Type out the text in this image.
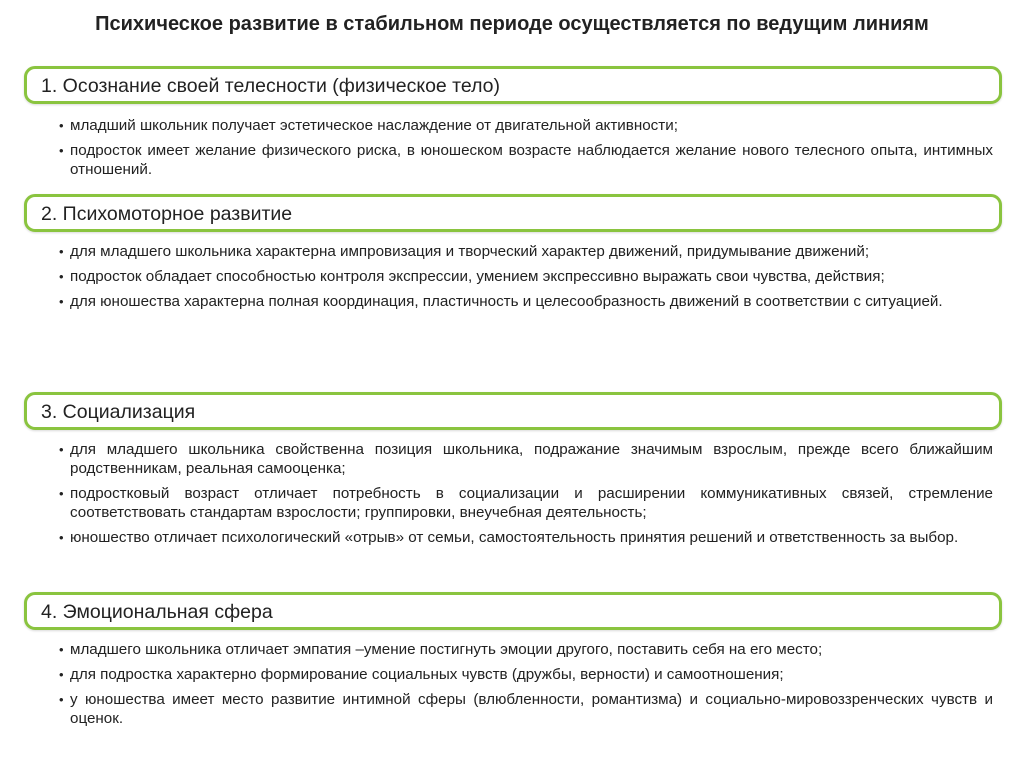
Психическое развитие в стабильном периоде осуществляется по ведущим линиям
1. Осознание своей телесности (физическое тело)
• младший школьник получает эстетическое наслаждение от двигательной активности;
• подросток имеет желание физического риска, в юношеском возрасте наблюдается желание нового телесного опыта, интимных отношений.
2. Психомоторное развитие
• для младшего школьника характерна импровизация и творческий характер движений, придумывание движений;
• подросток обладает способностью контроля экспрессии, умением экспрессивно выражать свои чувства, действия;
• для юношества характерна полная координация, пластичность и целесообразность движений в соответствии с ситуацией.
3. Социализация
• для младшего школьника свойственна позиция школьника, подражание значимым взрослым, прежде всего ближайшим родственникам, реальная самооценка;
• подростковый возраст отличает потребность в социализации и расширении коммуникативных связей, стремление соответствовать стандартам взрослости; группировки, внеучебная деятельность;
• юношество отличает психологический «отрыв» от семьи, самостоятельность принятия решений и ответственность за выбор.
4. Эмоциональная сфера
• младшего школьника отличает эмпатия –умение постигнуть эмоции другого, поставить себя на его место;
• для подростка характерно формирование социальных чувств (дружбы, верности) и самоотношения;
• у юношества имеет место развитие интимной сферы (влюбленности, романтизма) и социально-мировоззренческих чувств и оценок.
